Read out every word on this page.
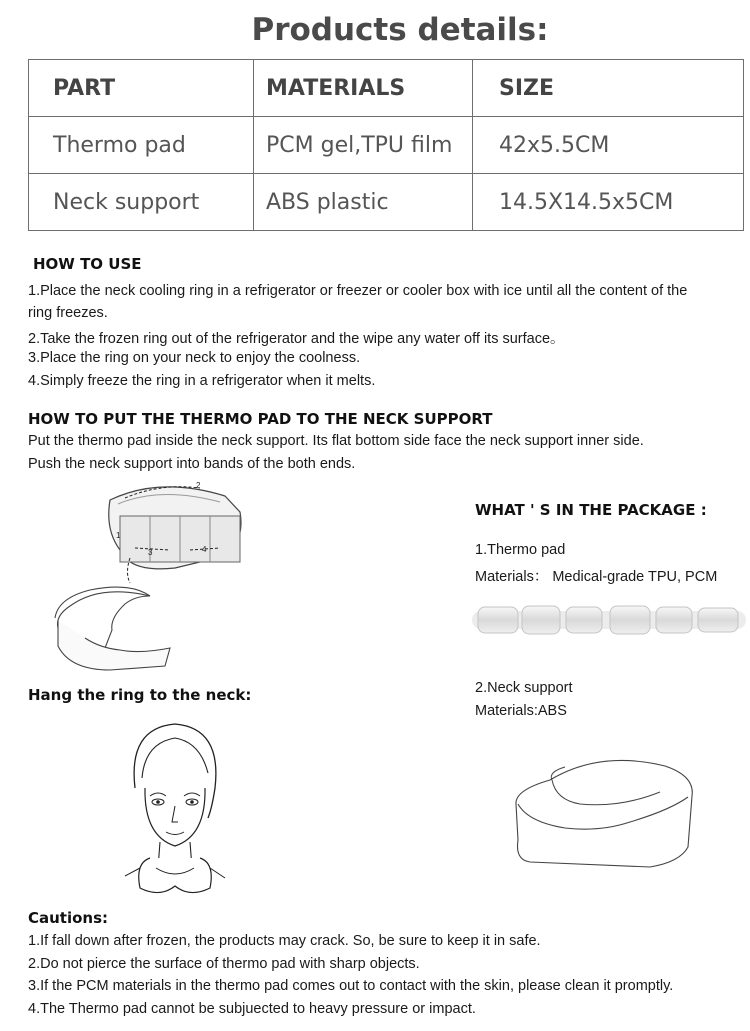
Products details:
PART	MATERIALS	SIZE
Thermo pad	PCM gel,TPU film	42x5.5CM
Neck support	ABS plastic	14.5X14.5x5CM
HOW TO USE
1.Place the neck cooling ring in a refrigerator or freezer or cooler box with ice until all the content of the
ring freezes.
2.Take the frozen ring out of the refrigerator and the wipe any water off its surface。
3.Place the ring on your neck to enjoy the coolness.
4.Simply freeze the ring in a refrigerator when it melts.
HOW TO PUT THE THERMO PAD TO THE NECK SUPPORT
Put the thermo pad inside the neck support. Its flat bottom side face the neck support inner side.
Push the neck support into bands of the both ends.
1
2
3	4
Hang the ring to the neck:
WHAT ' S IN THE PACKAGE :
1.Thermo pad
Materials： Medical-grade TPU, PCM
2.Neck support
Materials:ABS
Cautions:
1.If fall down after frozen, the products may crack. So, be sure to keep it in safe.
2.Do not pierce the surface of thermo pad with sharp objects.
3.If the PCM materials in the thermo pad comes out to contact with the skin, please clean it promptly.
4.The Thermo pad cannot be subjuected to heavy pressure or impact.
